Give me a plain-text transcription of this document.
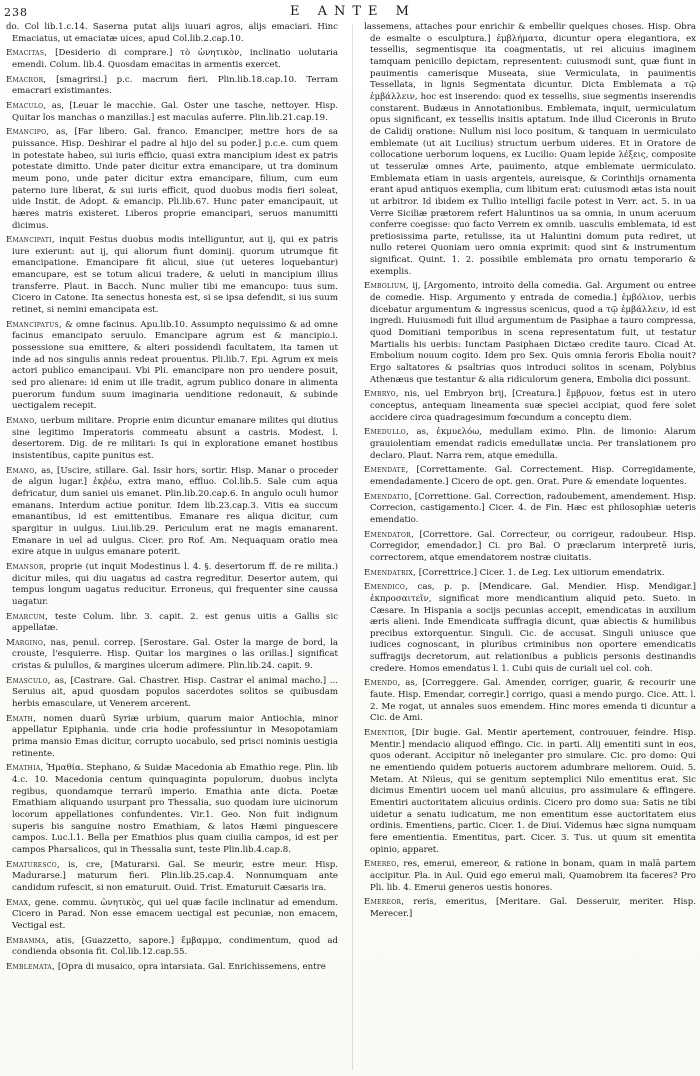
238	E ANTE M

do. Col lib.1.c.14. Saserna putat alijs iuuari agros, alijs emaciari. Hinc Emaciatus, ut emaciatæ uices, apud Col.lib.2.cap.10.

Emacitas, [Desiderio di comprare.] τὸ ὠνητικὸν, inclinatio uolutaria emendi. Colum. lib.4. Quosdam emacitas in armentis exercet.

Emacror, [smagrirsi.] p.c. macrum fieri. Plin.lib.18.cap.10. Terram emacrari existimantes.

Emaculo, as, [Leuar le macchie. Gal. Oster une tasche, nettoyer. Hisp. Quitar los manchas o manzillas.] est maculas auferre. Plin.lib.21.cap.19.

Emancipo, as, [Far libero. Gal. franco. Emanciper, mettre hors de sa puissance. Hisp. Deshirar el padre al hijo del su poder.] p.c.e. cum quem in potestate habeo, sui iuris efficio, quasi extra mancipium idest ex patris potestate dimitto. Unde pater dicitur extra emancipare, ut tra dominum meum pono, unde pater dicitur extra emancipare, filium, cum eum paterno iure liberat, & sui iuris efficit, quod duobus modis fieri soleat, uide Instit. de Adopt. & emancip. Pli.lib.67. Hunc pater emancipauit, ut hæres matris existeret. Liberos proprie emancipari, seruos manumitti dicimus.

Emancipati, inquit Festus duobus modis intelliguntur, aut ij, qui ex patris iure exierunt: aut ij, qui aliorum fiunt dominij. quorum utrumque fit emancipatione. Emancipare fit alicui, siue (ut ueteres loquebantur) emancupare, est se totum alicui tradere, & ueluti in mancipium illius transferre. Plaut. in Bacch. Nunc mulier tibi me emancupo: tuus sum. Cicero in Catone. Ita senectus honesta est, si se ipsa defendit, si ius suum retinet, si nemini emancipata est.

Emancipatus, & omne facinus. Apu.lib.10. Assumpto nequissimo & ad omne facinus emancipato seruulo. Emancipare agrum est & mancipio.i. possessione sua emittere, & alteri possidendi facultatem, ita tamen ut inde ad nos singulis annis redeat prouentus. Pli.lib.7. Epi. Agrum ex meis actori publico emancipaui. Vbi Pli. emancipare non pro uendere posuit, sed pro alienare: id enim ut ille tradit, agrum publico donare in alimenta puerorum fundum suum imaginaria uenditione redonauit, & subinde uectigalem recepit.

Emano, uerbum militare. Proprie enim dicuntur emanare milites qui diutius sine legitimo Imperatoris commeatu absunt a castris. Modest. l. desertorem. Dig. de re militari: Is qui in exploratione emanet hostibus insistentibus, capite punitus est.

Emano, as, [Uscire, stillare. Gal. Issir hors, sortir. Hisp. Manar o proceder de algun lugar.] ἐκῤέω, extra mano, effluo. Col.lib.5. Sale cum aqua defricatur, dum saniei uis emanet. Plin.lib.20.cap.6. In angulo oculi humor emanans. Interdum actiue ponitur. Idem lib.23.cap.3. Vitis ea succum emanantibus, id est emittentibus. Emanare res aliqua dicitur, cum spargitur in uulgus. Liui.lib.29. Periculum erat ne magis emanarent. Emanare in uel ad uulgus. Cicer. pro Rof. Am. Nequaquam oratio mea exire atque in uulgus emanare poterit.

Emansor, proprie (ut inquit Modestinus l. 4. §. desertorum ff. de re milita.) dicitur miles, qui diu uagatus ad castra regreditur. Desertor autem, qui tempus longum uagatus reducitur. Erroneus, qui frequenter sine caussa uagatur.

Emarcum, teste Colum. libr. 3. capit. 2. est genus uitis a Gallis sic appellatæ.

Margino, nas, penul. correp. [Serostare. Gal. Oster la marge de bord, la crouste, l'esquierre. Hisp. Quitar los margines o las orillas.] significat cristas & pulullos, & margines ulcerum adimere. Plin.lib.24. capit. 9.

Emasculo, as, [Castrare. Gal. Chastrer. Hisp. Castrar el animal macho.] ... Seruius ait, apud quosdam populos sacerdotes solitos se quibusdam herbis emasculare, ut Venerem arcerent.

Emath, nomen duarū Syriæ urbium, quarum maior Antiochia, minor appellatur Epiphania. unde cria hodie professiuntur in Mesopotamiam prima mansio Emas dicitur, corrupto uocabulo, sed prisci nominis uestigia retinente.

Emathia, Ἠμαθία. Stephano, & Suidæ Macedonia ab Emathio rege. Plin. lib 4.c. 10. Macedonia centum quinquaginta populorum, duobus inclyta regibus, quondamque terrarū imperio. Emathia ante dicta. Poetæ Emathiam aliquando usurpant pro Thessalia, suo quodam iure uicinorum locorum appellationes confundentes. Vir.1. Geo. Non fuit indignum superis bis sanguine nostro Emathiam, & latos Hæmi pinguescere campos. Luc.l.1. Bella per Emathios plus quam ciuilia campos, id est per campos Pharsalicos, qui in Thessalia sunt, teste Plin.lib.4.cap.8.

Ematuresco, is, cre, [Maturarsi. Gal. Se meurir, estre meur. Hisp. Madurarse.] maturum fieri. Plin.lib.25.cap.4. Nonnumquam ante candidum rufescit, si non ematuruit. Ouid. Trist. Ematuruit Cæsaris ira.

Emax, gene. commu. ὠνητικὸς, qui uel quæ facile inclinatur ad emendum. Cicero in Parad. Non esse emacem uectigal est pecuniæ, non emacem, Vectigal est.

Embamma, atis, [Guazzetto, sapore.] ἔμβαμμα, condimentum, quod ad condienda obsonia fit. Col.lib.12.cap.55.

Emblemata, [Opra di musaico, opra intarsiata. Gal. Enrichissemens, entre

lassemens, attaches pour enrichir & embellir quelques choses. Hisp. Obra de esmalte o esculptura.] ἐμβλήματα, dicuntur opera elegantiora, ex tessellis, segmentisque ita coagmentatis, ut rei alicuius imaginem tamquam penicillo depictam, representent: cuiusmodi sunt, quæ fiunt in pauimentis camerisque Museata, siue Vermiculata, in pauimentis Tessellata, in lignis Segmentata dicuntur. Dicta Emblemata a τῷ ἐμβάλλειν, hoc est inserendo: quod ex tessellis, siue segmentis inserendis constarent. Budæus in Annotationibus. Emblemata, inquit, uermiculatum opus significant, ex tessellis insitis aptatum. Inde illud Ciceronis in Bruto de Calidij oratione: Nullum nisi loco positum, & tanquam in uermiculato emblemate (ut ait Lucilius) structum uerbum uideres. Et in Oratore de collocatione uerborum loquens, ex Lucilio: Quam lepide λέξεις, composite ut tesserulæ omnes Arte, pauimento, atque emblemate uermiculato. Emblemata etiam in uasis argenteis, aureisque, & Corinthijs ornamenta erant apud antiquos exemplia, cum libitum erat: cuiusmodi ætas ista nouit ut arbitror. Id ibidem ex Tullio intelligi facile potest in Verr. act. 5. in ua Verre Siciliæ prætorem refert Haluntinos ua sa omnia, in unum aceruum conferre coegisse: quo facto Verrem ex omnib. uasculis emblemata, id est pretiosissima parte, retulisse, ita ut Haluntini domum puta rediret, ut nullo reterei Quoniam uero omnia exprimit: quod sint & instrumentum significat. Quint. 1. 2. possibile emblemata pro ornatu temporario & exemplis.

Embolium, ij, [Argomento, introito della comedia. Gal. Argument ou entree de comedie. Hisp. Argumento y entrada de comedia.] ἐμβόλιον, uerbis dicebatur argumentum & ingressus scenicus, quod a τῷ ἐμβάλλειν, id est ingredi. Huiusmodi fuit illud argumentum de Pasiphae a tauro compressa, quod Domitiani temporibus in scena representatum fuit, ut testatur Martialis his uerbis: Iunctam Pasiphaen Dictæo credite tauro. Cicad At. Embolium nouum cogito. Idem pro Sex. Quis omnia feroris Ebolia nouit? Ergo saltatores & psaltrias quos introduci solitos in scenam, Polybius Athenæus que testantur & alia ridiculorum genera, Embolia dici possunt.

Embryo, nis, uel Embryon brij, [Creatura.] ἔμβρυον, fœtus est in utero conceptus, antequam lineamenta suæ speciei accipiat, quod fere solet accidere circa quadragesimum fœcundum a conceptu diem.

Emedullo, as, ἐκμυελόω, medullam eximo. Plin. de limonio: Alarum grauiolentiam emendat radicis emedullatæ uncia. Per translationem pro declaro. Plaut. Narra rem, atque emedulla.

Emendate, [Correttamente. Gal. Correctement. Hisp. Corregidamente, emendadamente.] Cicero de opt. gen. Orat. Pure & emendate loquentes.

Emendatio, [Correttione. Gal. Correction, radoubement, amendement. Hisp. Correcion, castigamento.] Cicer. 4. de Fin. Hæc est philosophiæ ueteris emendatio.

Emendator, [Correttore. Gal. Correcteur, ou corrigeur, radoubeur. Hisp. Corregidor, emendador.] Ci. pro Bal. O præclarum interpretē iuris, correctorem, atque emendatorem nostræ ciuitatis.

Emendatrix, [Correttrice.] Cicer. 1. de Leg. Lex uitiorum emendatrix.

Emendico, cas, p. p. [Mendicare. Gal. Mendier. Hisp. Mendigar.] ἐκπροσαιτεῖν, significat more mendicantium aliquid peto. Sueto. in Cæsare. In Hispania a socijs pecunias accepit, emendicatas in auxilium æris alieni. Inde Emendicata suffragia dicunt, quæ abiectis & humilibus precibus extorquentur. Singuli. Cic. de accusat. Singuli uniusce que iudices cognoscant, in pluribus criminibus non oportere emendicatis suffragijs decretorum, aut relationibus a publicis personis destinandis credere. Homos emendatus l. 1. Cubi quis de curiali uel col. coh.

Emendo, as, [Correggere. Gal. Amender, corriger, guarir, & recourir une faute. Hisp. Emendar, corregir.] corrigo, quasi a mendo purgo. Cice. Att. l. 2. Me rogat, ut annales suos emendem. Hinc mores emenda ti dicuntur a Cic. de Ami.

Ementior, [Dir bugie. Gal. Mentir apertement, controuuer, feindre. Hisp. Mentir.] mendacio aliquod effingo. Cic. in parti. Alij ementiti sunt in eos, quos oderant. Accipitur nō ineleganter pro simulare. Cic. pro domo: Qui ne ementiendo quidem potueris auctorem adumbrare meliorem. Ouid. 5. Metam. At Nileus, qui se genitum septemplici Nilo ementitus erat. Sic dicimus Ementiri uocem uel manū alicuius, pro assimulare & effingere. Ementiri auctoritatem alicuius ordinis. Cicero pro domo sua: Satis ne tibi uidetur a senatu iudicatum, me non ementitum esse auctoritatem eius ordinis. Ementiens, partic. Cicer. 1. de Diui. Videmus hæc signa numquam fere ementientia. Ementitus, part. Cicer. 3. Tus. ut quum sit ementita opinio, apparet.

Emereo, res, emerui, emereor, & ratione in bonam, quam in malā partem accipitur. Pla. in Aul. Quid ego emerui mali, Quamobrem ita faceres? Pro Pli. lib. 4. Emerui generos uestis honores.

Emereor, reris, emeritus, [Meritare. Gal. Desseruir, meriter. Hisp. Merecer.]
